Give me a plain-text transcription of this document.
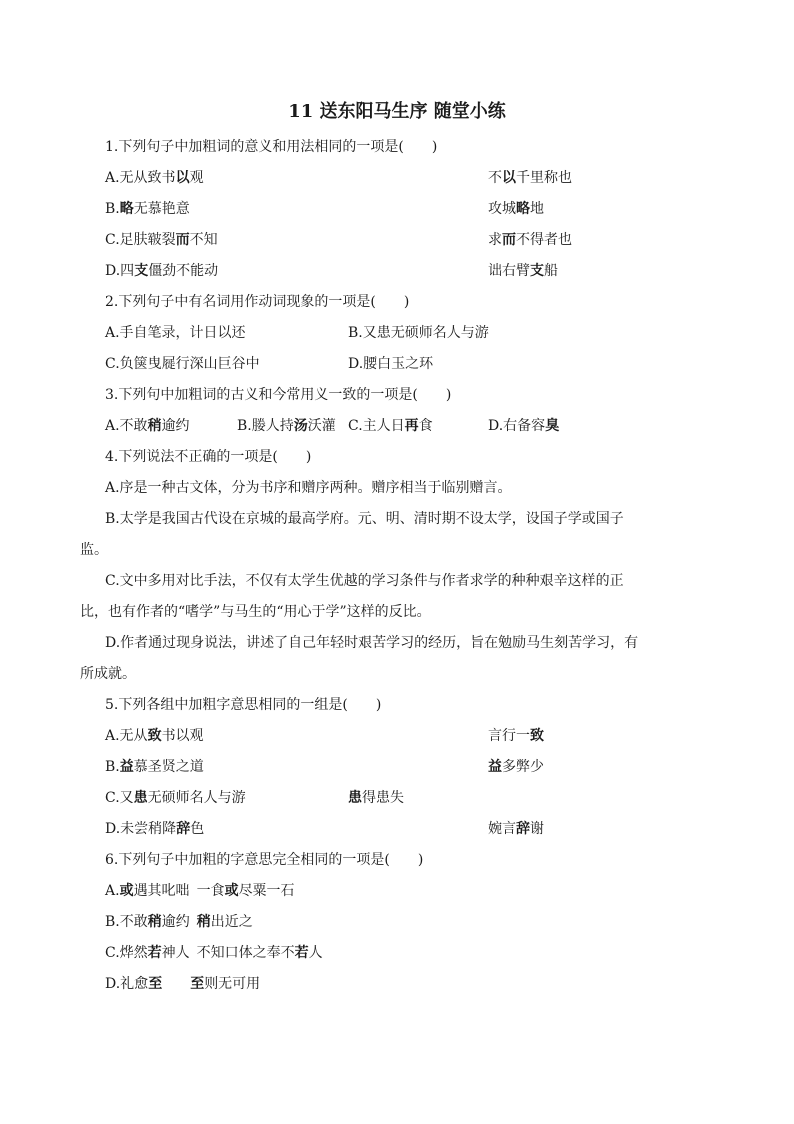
11 送东阳马生序 随堂小练
1.下列句子中加粗词的意义和用法相同的一项是(　　)
A.无从致书以观	不以千里称也
B.略无慕艳意	攻城略地
C.足肤皲裂而不知	求而不得者也
D.四支僵劲不能动	诎右臂支船
2.下列句子中有名词用作动词现象的一项是(　　)
A.手自笔录，计日以还	B.又患无硕师名人与游
C.负箧曳屣行深山巨谷中	D.腰白玉之环
3.下列句中加粗词的古义和今常用义一致的一项是(　　)
A.不敢稍逾约	B.媵人持汤沃灌 C.主人日再食	D.右备容臭
4.下列说法不正确的一项是(　　)
A.序是一种古文体，分为书序和赠序两种。赠序相当于临别赠言。
B.太学是我国古代设在京城的最高学府。元、明、清时期不设太学，设国子学或国子
监。
C.文中多用对比手法，不仅有太学生优越的学习条件与作者求学的种种艰辛这样的正
比，也有作者的“嗜学”与马生的“用心于学”这样的反比。
D.作者通过现身说法，讲述了自己年轻时艰苦学习的经历，旨在勉励马生刻苦学习，有
所成就。
5.下列各组中加粗字意思相同的一组是(　　)
A.无从致书以观	言行一致
B.益慕圣贤之道	益多弊少
C.又患无硕师名人与游	患得患失
D.未尝稍降辞色	婉言辞谢
6.下列句子中加粗的字意思完全相同的一项是(　　)
A.或遇其叱咄  一食或尽粟一石
B.不敢稍逾约  稍出近之
C.烨然若神人  不知口体之奉不若人
D.礼愈至   至则无可用
